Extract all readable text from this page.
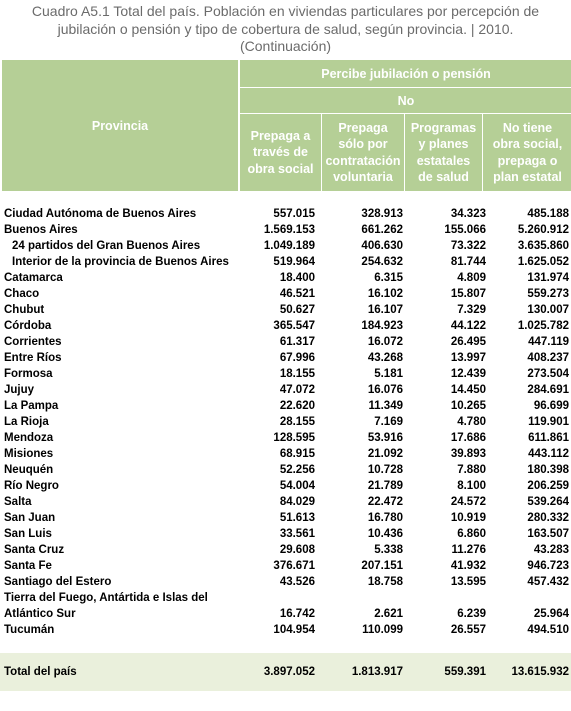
Cuadro A5.1 Total del país. Población en viviendas particulares por percepción de
jubilación o pensión y tipo de cobertura de salud, según provincia. | 2010.
(Continuación)
Provincia
Percibe jubilación o pensión
No
Prepaga a
través de
obra social
Prepaga
sólo por
contratación
voluntaria
Programas
y planes
estatales
de salud
No tiene
obra social,
prepaga o
plan estatal
Ciudad Autónoma de Buenos Aires	557.015	328.913	34.323	485.188
Buenos Aires	1.569.153	661.262	155.066	5.260.912
24 partidos del Gran Buenos Aires	1.049.189	406.630	73.322	3.635.860
Interior de la provincia de Buenos Aires	519.964	254.632	81.744	1.625.052
Catamarca	18.400	6.315	4.809	131.974
Chaco	46.521	16.102	15.807	559.273
Chubut	50.627	16.107	7.329	130.007
Córdoba	365.547	184.923	44.122	1.025.782
Corrientes	61.317	16.072	26.495	447.119
Entre Ríos	67.996	43.268	13.997	408.237
Formosa	18.155	5.181	12.439	273.504
Jujuy	47.072	16.076	14.450	284.691
La Pampa	22.620	11.349	10.265	96.699
La Rioja	28.155	7.169	4.780	119.901
Mendoza	128.595	53.916	17.686	611.861
Misiones	68.915	21.092	39.893	443.112
Neuquén	52.256	10.728	7.880	180.398
Río Negro	54.004	21.789	8.100	206.259
Salta	84.029	22.472	24.572	539.264
San Juan	51.613	16.780	10.919	280.332
San Luis	33.561	10.436	6.860	163.507
Santa Cruz	29.608	5.338	11.276	43.283
Santa Fe	376.671	207.151	41.932	946.723
Santiago del Estero	43.526	18.758	13.595	457.432
Tierra del Fuego, Antártida e Islas del
Atlántico Sur	16.742	2.621	6.239	25.964
Tucumán	104.954	110.099	26.557	494.510
Total del país	3.897.052	1.813.917	559.391 13.615.932
